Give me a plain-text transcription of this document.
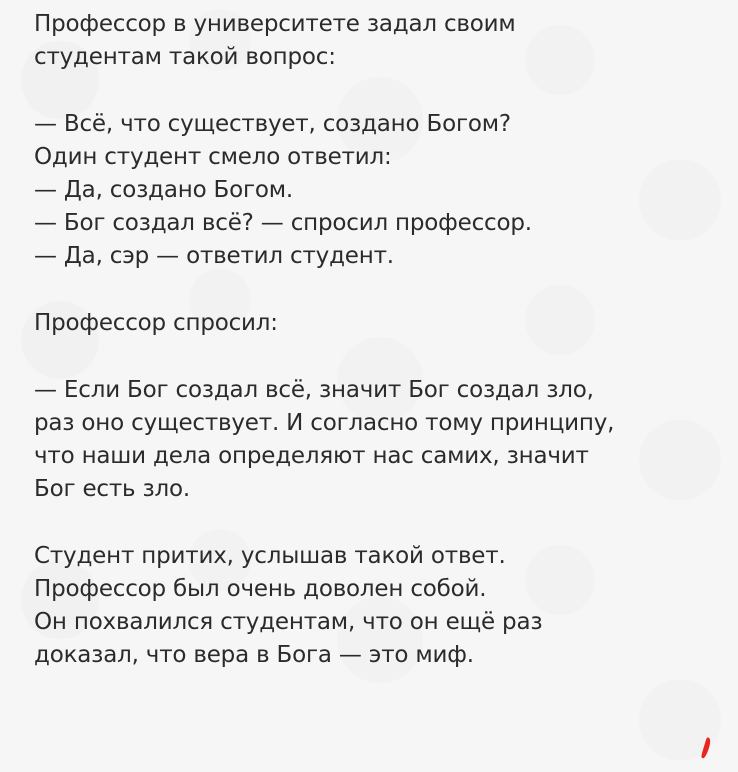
Профессор в университете задал своим
студентам такой вопрос:
— Всё, что существует, создано Богом?
Один студент смело ответил:
— Да, создано Богом.
— Бог создал всё? — спросил профессор.
— Да, сэр — ответил студент.
Профессор спросил:
— Если Бог создал всё, значит Бог создал зло,
раз оно существует. И согласно тому принципу,
что наши дела определяют нас самих, значит
Бог есть зло.
Студент притих, услышав такой ответ.
Профессор был очень доволен собой.
Он похвалился студентам, что он ещё раз
доказал, что вера в Бога — это миф.
